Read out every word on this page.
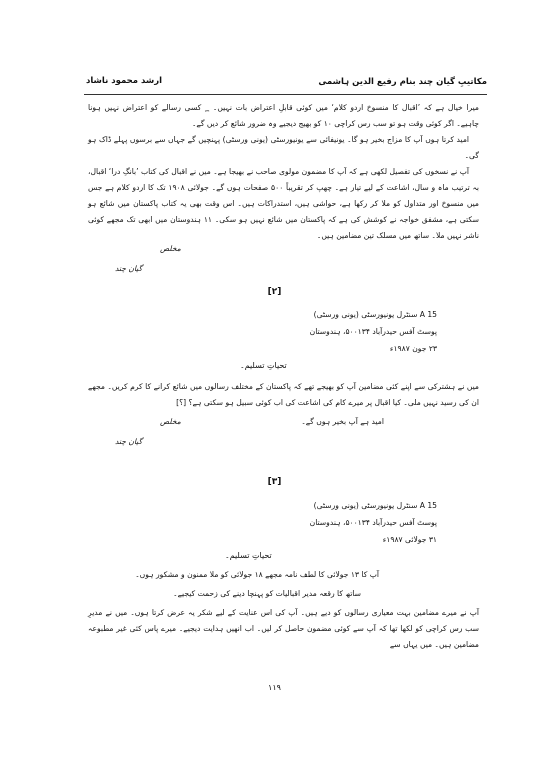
مکاتیبِ گیان چند بنام رفیع الدین ہاشمی
ارشد محمود ناشاد

میرا خیال ہے کہ ’اقبال کا منسوخ اردو کلام‘ میں کوئی قابلِ اعتراض بات نہیں۔ ؁ کسی رسالے کو اعتراض نہیں ہونا چاہیے۔ اگر کوئی وقت ہو تو سب رس کراچی ۱۰ کو بھیج دیجیے وہ ضرور شائع کر دیں گے۔

امید کرتا ہوں آپ کا مزاج بخیر ہو گا۔ یونیفائی سے یونیورسٹی (یونی ورسٹی) پہنچیں گے جہاں سے برسوں پہلے ڈاک ہو گی۔

آپ نے نسخوں کی تفصیل لکھی ہے کہ آپ کا مضمون مولوی صاحب نے بھیجا ہے۔ میں نے اقبال کی کتاب ’بانگِ درا‘ اقبال، بہ ترتیب ماہ و سال، اشاعت کے لیے تیار ہے۔ چھپ کر تقریباً ۵۰۰ صفحات ہوں گے۔ جولائی ۱۹۰۸ تک کا اردو کلام ہے جس میں منسوخ اور متداول کو ملا کر رکھا ہے، حواشی ہیں، استدراکات ہیں۔ اس وقت بھی یہ کتاب پاکستان میں شائع ہو سکتی ہے، مشفق خواجہ نے کوشش کی ہے کہ پاکستان میں شائع نہیں ہو سکی۔ ۱۱ ہندوستان میں ابھی تک مجھے کوئی ناشر نہیں ملا۔ ساتھ میں مسلک تین مضامین ہیں۔

مخلص
گیان چند
[۲]
A 15 سنٹرل یونیورسٹی (یونی ورسٹی)
پوسٹ آفس حیدرآباد ۵۰۰۱۳۴، ہندوستان
۲۳ جون ۱۹۸۷ء
تحیاتِ تسلیم۔

میں نے ہشترکی سے اپنے کئی مضامین آپ کو بھیجے تھے کہ پاکستان کے مختلف رسالوں میں شائع کرانے کا کرم کریں۔ مجھے ان کی رسید نہیں ملی۔ کیا اقبال پر میرے کام کی اشاعت کی اب کوئی سبیل ہو سکتی ہے؟ [؟]

امید ہے آپ بخیر ہوں گے۔
مخلص
گیان چند
[۳]
A 15 سنٹرل یونیورسٹی (یونی ورسٹی)
پوسٹ آفس حیدرآباد ۵۰۰۱۳۴، ہندوستان
۳۱ جولائی ۱۹۸۷ء
تحیاتِ تسلیم۔
آپ کا ۱۳ جولائی کا لطف نامہ مجھے ۱۸ جولائی کو ملا ممنون و مشکور ہوں۔
ساتھ کا رقعہ مدیر اقبالیات کو پہنچا دینے کی زحمت کیجیے۔

آپ نے میرے مضامین بہت معیاری رسالوں کو دیے ہیں۔ آپ کی اس عنایت کے لیے شکر یہ عرض کرتا ہوں۔ میں نے مدیرِ سب رس کراچی کو لکھا تھا کہ آپ سے کوئی مضمون حاصل کر لیں۔ اب انھیں ہدایت دیجیے۔ میرے پاس کئی غیر مطبوعہ مضامین ہیں۔ میں یہاں سے

۱۱۹
